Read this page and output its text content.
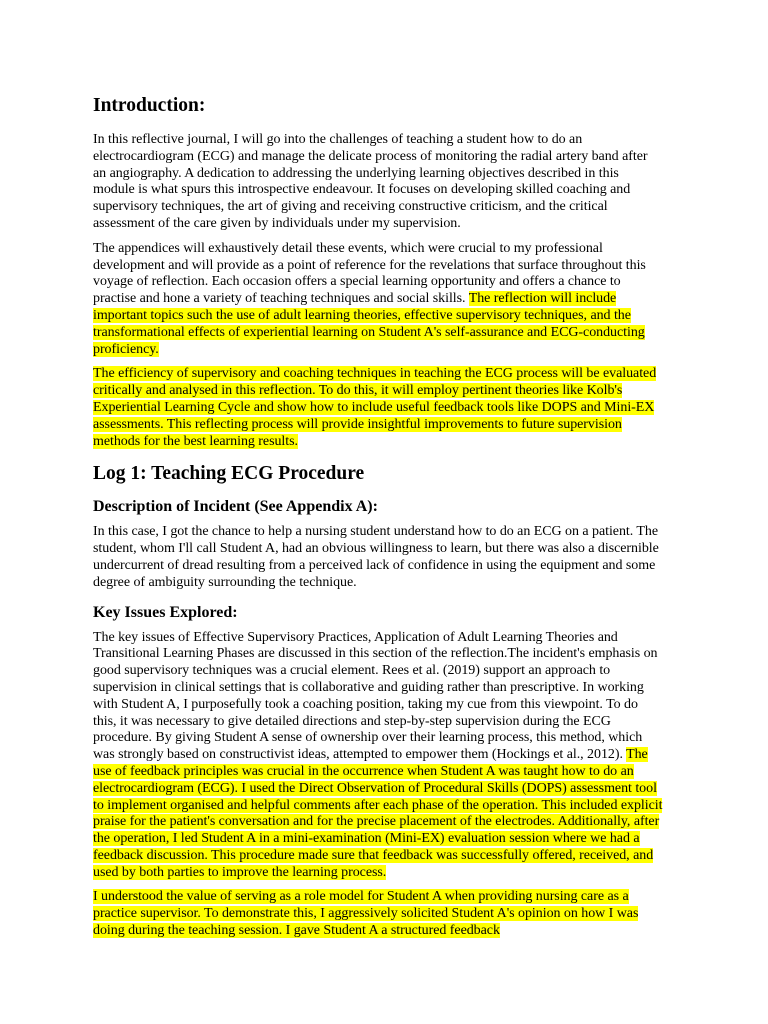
Introduction:

In this reflective journal, I will go into the challenges of teaching a student how to do an electrocardiogram (ECG) and manage the delicate process of monitoring the radial artery band after an angiography. A dedication to addressing the underlying learning objectives described in this module is what spurs this introspective endeavour. It focuses on developing skilled coaching and supervisory techniques, the art of giving and receiving constructive criticism, and the critical assessment of the care given by individuals under my supervision.

The appendices will exhaustively detail these events, which were crucial to my professional development and will provide as a point of reference for the revelations that surface throughout this voyage of reflection. Each occasion offers a special learning opportunity and offers a chance to practise and hone a variety of teaching techniques and social skills. The reflection will include important topics such the use of adult learning theories, effective supervisory techniques, and the transformational effects of experiential learning on Student A's self-assurance and ECG-conducting proficiency.

The efficiency of supervisory and coaching techniques in teaching the ECG process will be evaluated critically and analysed in this reflection. To do this, it will employ pertinent theories like Kolb's Experiential Learning Cycle and show how to include useful feedback tools like DOPS and Mini-EX assessments. This reflecting process will provide insightful improvements to future supervision methods for the best learning results.

Log 1: Teaching ECG Procedure
Description of Incident (See Appendix A):

In this case, I got the chance to help a nursing student understand how to do an ECG on a patient. The student, whom I'll call Student A, had an obvious willingness to learn, but there was also a discernible undercurrent of dread resulting from a perceived lack of confidence in using the equipment and some degree of ambiguity surrounding the technique.

Key Issues Explored:

The key issues of Effective Supervisory Practices, Application of Adult Learning Theories and Transitional Learning Phases are discussed in this section of the reflection.The incident's emphasis on good supervisory techniques was a crucial element. Rees et al. (2019) support an approach to supervision in clinical settings that is collaborative and guiding rather than prescriptive. In working with Student A, I purposefully took a coaching position, taking my cue from this viewpoint. To do this, it was necessary to give detailed directions and step-by-step supervision during the ECG procedure. By giving Student A sense of ownership over their learning process, this method, which was strongly based on constructivist ideas, attempted to empower them (Hockings et al., 2012). The use of feedback principles was crucial in the occurrence when Student A was taught how to do an electrocardiogram (ECG). I used the Direct Observation of Procedural Skills (DOPS) assessment tool to implement organised and helpful comments after each phase of the operation. This included explicit praise for the patient's conversation and for the precise placement of the electrodes. Additionally, after the operation, I led Student A in a mini-examination (Mini-EX) evaluation session where we had a feedback discussion. This procedure made sure that feedback was successfully offered, received, and used by both parties to improve the learning process.

I understood the value of serving as a role model for Student A when providing nursing care as a practice supervisor. To demonstrate this, I aggressively solicited Student A's opinion on how I was doing during the teaching session. I gave Student A a structured feedback
